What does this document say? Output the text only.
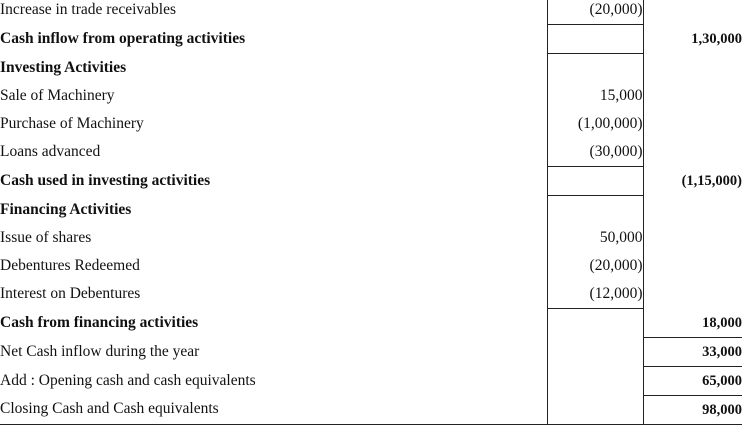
Increase in trade receivables	(20,000)	
Cash inflow from operating activities		1,30,000
Investing Activities		
Sale of Machinery	15,000	
Purchase of Machinery	(1,00,000)	
Loans advanced	(30,000)	
Cash used in investing activities		(1,15,000)
Financing Activities		
Issue of shares	50,000	
Debentures Redeemed	(20,000)	
Interest on Debentures	(12,000)	
Cash from financing activities		18,000
Net Cash inflow during the year		33,000
Add : Opening cash and cash equivalents		65,000
Closing Cash and Cash equivalents		98,000
